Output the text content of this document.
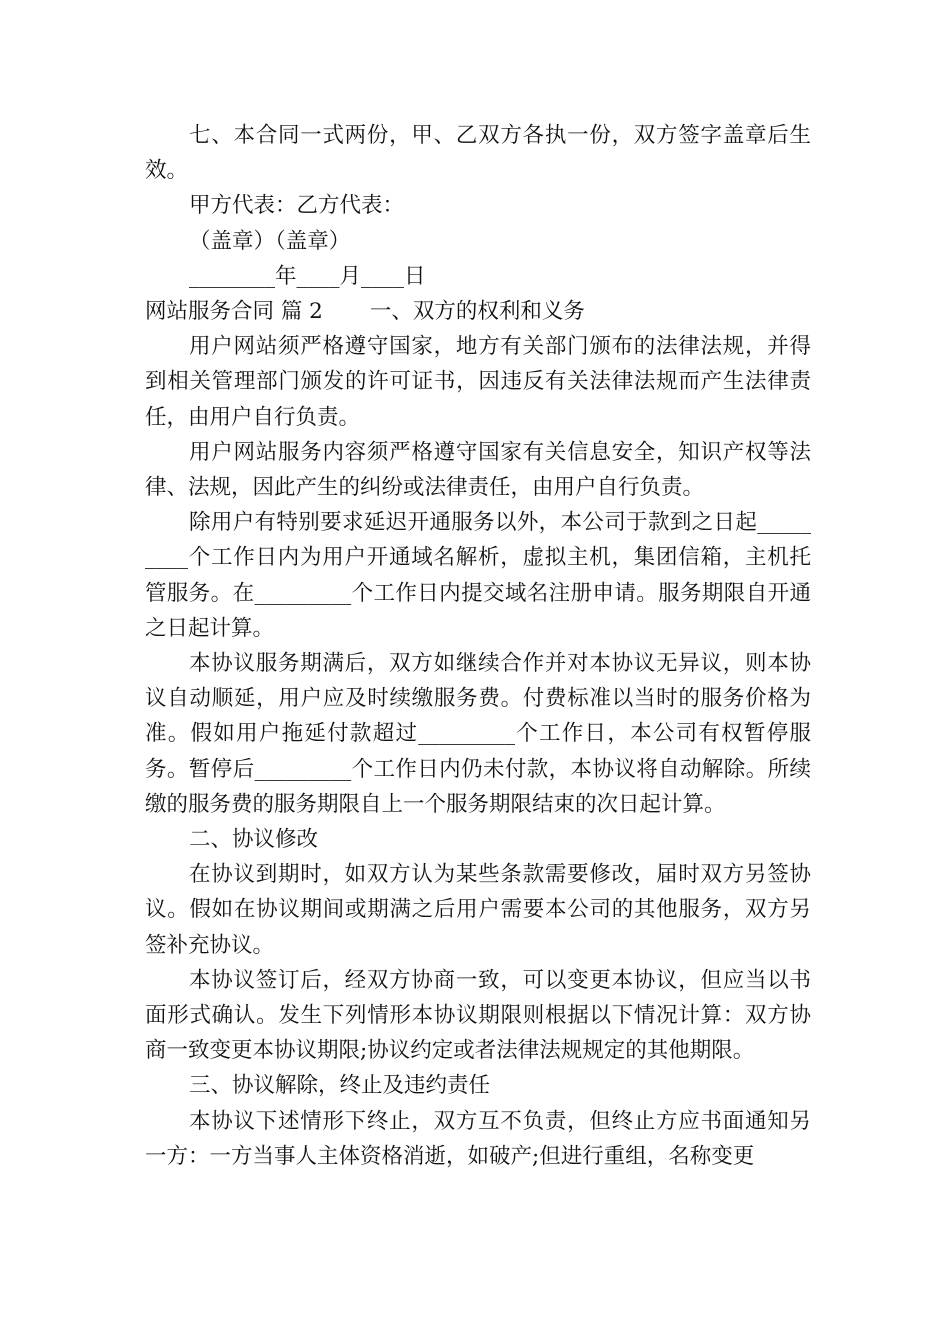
七、本合同一式两份，甲、乙双方各执一份，双方签字盖章后生效。

甲方代表：乙方代表：

（盖章）（盖章）

________年____月____日

网站服务合同 篇 2 一、双方的权利和义务

用户网站须严格遵守国家，地方有关部门颁布的法律法规，并得到相关管理部门颁发的许可证书，因违反有关法律法规而产生法律责任，由用户自行负责。

用户网站服务内容须严格遵守国家有关信息安全，知识产权等法律、法规，因此产生的纠纷或法律责任，由用户自行负责。

除用户有特别要求延迟开通服务以外，本公司于款到之日起_________个工作日内为用户开通域名解析，虚拟主机，集团信箱，主机托管服务。在_________个工作日内提交域名注册申请。服务期限自开通之日起计算。

本协议服务期满后，双方如继续合作并对本协议无异议，则本协议自动顺延，用户应及时续缴服务费。付费标准以当时的服务价格为准。假如用户拖延付款超过_________个工作日，本公司有权暂停服务。暂停后_________个工作日内仍未付款，本协议将自动解除。所续缴的服务费的服务期限自上一个服务期限结束的次日起计算。

二、协议修改

在协议到期时，如双方认为某些条款需要修改，届时双方另签协议。假如在协议期间或期满之后用户需要本公司的其他服务，双方另签补充协议。

本协议签订后，经双方协商一致，可以变更本协议，但应当以书面形式确认。发生下列情形本协议期限则根据以下情况计算：双方协商一致变更本协议期限;协议约定或者法律法规规定的其他期限。

三、协议解除，终止及违约责任

本协议下述情形下终止，双方互不负责，但终止方应书面通知另一方：一方当事人主体资格消逝，如破产;但进行重组，名称变更
